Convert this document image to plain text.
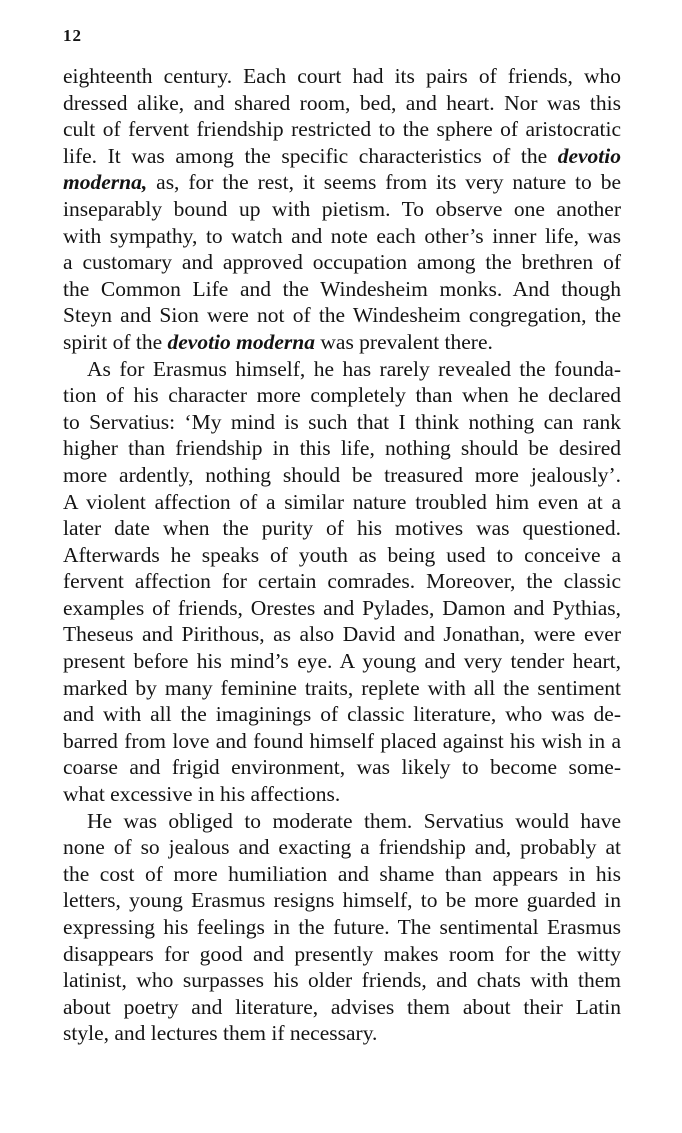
12
eighteenth century. Each court had its pairs of friends, who
dressed alike, and shared room, bed, and heart. Nor was this
cult of fervent friendship restricted to the sphere of aristocratic
life. It was among the specific characteristics of the devotio
moderna, as, for the rest, it seems from its very nature to be
inseparably bound up with pietism. To observe one another
with sympathy, to watch and note each other’s inner life, was
a customary and approved occupation among the brethren of
the Common Life and the Windesheim monks. And though
Steyn and Sion were not of the Windesheim congregation, the
spirit of the devotio moderna was prevalent there.
As for Erasmus himself, he has rarely revealed the founda-
tion of his character more completely than when he declared
to Servatius: ‘My mind is such that I think nothing can rank
higher than friendship in this life, nothing should be desired
more ardently, nothing should be treasured more jealously’.
A violent affection of a similar nature troubled him even at a
later date when the purity of his motives was questioned.
Afterwards he speaks of youth as being used to conceive a
fervent affection for certain comrades. Moreover, the classic
examples of friends, Orestes and Pylades, Damon and Pythias,
Theseus and Pirithous, as also David and Jonathan, were ever
present before his mind’s eye. A young and very tender heart,
marked by many feminine traits, replete with all the sentiment
and with all the imaginings of classic literature, who was de-
barred from love and found himself placed against his wish in a
coarse and frigid environment, was likely to become some-
what excessive in his affections.
He was obliged to moderate them. Servatius would have
none of so jealous and exacting a friendship and, probably at
the cost of more humiliation and shame than appears in his
letters, young Erasmus resigns himself, to be more guarded in
expressing his feelings in the future. The sentimental Erasmus
disappears for good and presently makes room for the witty
latinist, who surpasses his older friends, and chats with them
about poetry and literature, advises them about their Latin
style, and lectures them if necessary.
